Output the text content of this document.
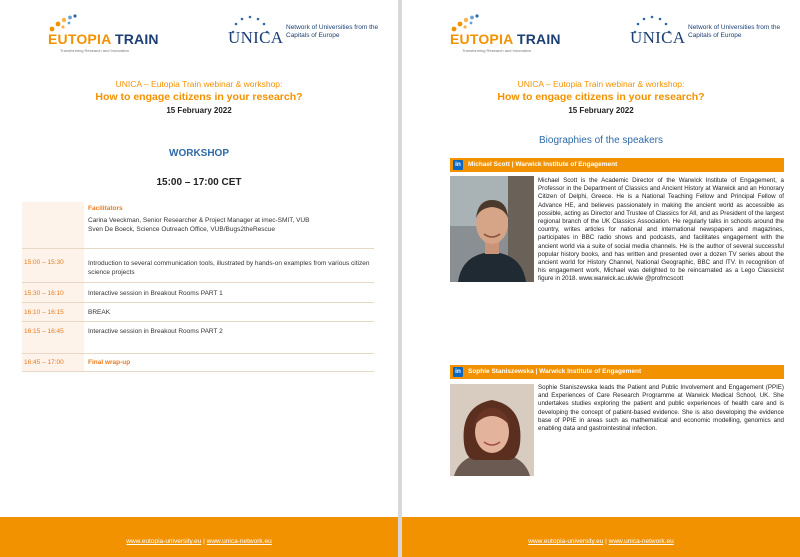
EUTOPIA TRAIN
Transforming Research and Innovation
UNICA
Network of Universities from the Capitals of Europe
UNICA – Eutopia Train webinar & workshop:
How to engage citizens in your research?
15 February 2022
WORKSHOP
15:00 – 17:00 CET

	Facilitators
Carina Veeckman, Senior Researcher & Project Manager at imec-SMIT, VUB
Sven De Boeck, Science Outreach Office, VUB/Bugs2theRescue

15:00 – 15:30	Introduction to several communication tools, illustrated by hands-on examples from various citizen science projects
15:30 – 16:10	Interactive session in Breakout Rooms PART 1
16:10 – 16:15	BREAK
16:15 – 16:45	Interactive session in Breakout Rooms PART 2
16:45 – 17:00	Final wrap-up
www.eutopia-university.eu | www.unica-network.eu
EUTOPIA TRAIN
Transforming Research and Innovation
UNICA
Network of Universities from the Capitals of Europe
UNICA – Eutopia Train webinar & workshop:
How to engage citizens in your research?
15 February 2022
Biographies of the speakers
in	Michael Scott | Warwick Institute of Engagement
Michael Scott is the Academic Director of the Warwick Institute of Engagement, a Professor in the Department of Classics and Ancient History at Warwick and an Honorary Citizen of Delphi, Greece. He is a National Teaching Fellow and Principal Fellow of Advance HE, and believes passionately in making the ancient world as accessible as possible, acting as Director and Trustee of Classics for All, and as President of the largest regional branch of the UK Classics Association. He regularly talks in schools around the country, writes articles for national and international newspapers and magazines, participates in BBC radio shows and podcasts, and facilitates engagement with the ancient world via a suite of social media channels. He is the author of several successful popular history books, and has written and presented over a dozen TV series about the ancient world for History Channel, National Geographic, BBC and ITV. In recognition of his engagement work, Michael was delighted to be reincarnated as a Lego Classicist figure in 2018. www.warwick.ac.uk/wie @profmcscott
in	Sophie Staniszewska | Warwick Institute of Engagement
Sophie Staniszewska leads the Patient and Public Involvement and Engagement (PPIE) and Experiences of Care Research Programme at Warwick Medical School, UK. She undertakes studies exploring the patient and public experiences of health care and is developing the concept of patient-based evidence. She is also developing the evidence base of PPIE in areas such as mathematical and economic modelling, genomics and enabling data and gastrointestinal infection.
www.eutopia-university.eu | www.unica-network.eu
